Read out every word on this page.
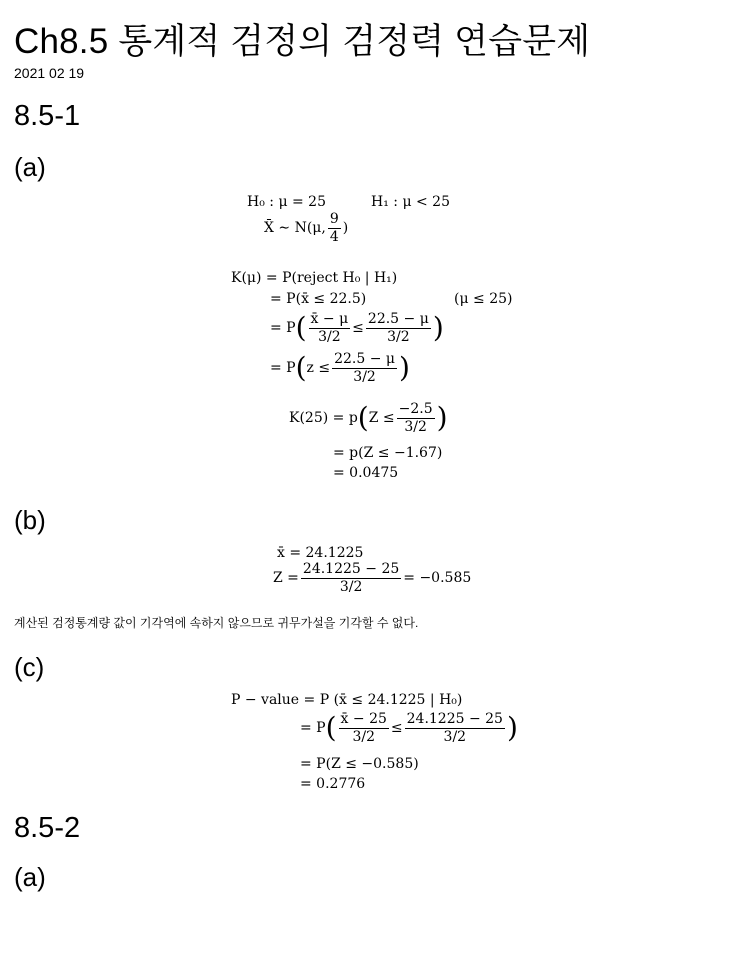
Ch8.5 통계적 검정의 검정력 연습문제
2021 02 19
8.5-1
(a)
H₀ : μ = 25	H₁ : μ < 25
X̄ ∼ N(μ, $\frac{9}{4}$ )
K(μ) = P(reject H₀ | H₁)
= P(x̄ ≤ 22.5)	(μ ≤ 25)
= P ( $\frac{x̄ - \mu}{3/2} \le \frac{22.5 - \mu}{3/2}$ )
= P ( $z \le \frac{22.5 - \mu}{3/2}$ )
K(25) = p ( $Z \le \frac{-2.5}{3/2}$ )
= p(Z ≤ −1.67)
= 0.0475
(b)
x̄ = 24.1225
$Z = \frac{24.1225 - 25}{3/2} = -0.585$
계산된 검정통계량 값이 기각역에 속하지 않으므로 귀무가설을 기각할 수 없다.
(c)
P − value = P (x̄ ≤ 24.1225 | H₀)
= P ( $\frac{x̄ - 25}{3/2} \le \frac{24.1225 - 25}{3/2}$ )
= P(Z ≤ −0.585)
= 0.2776
8.5-2
(a)
